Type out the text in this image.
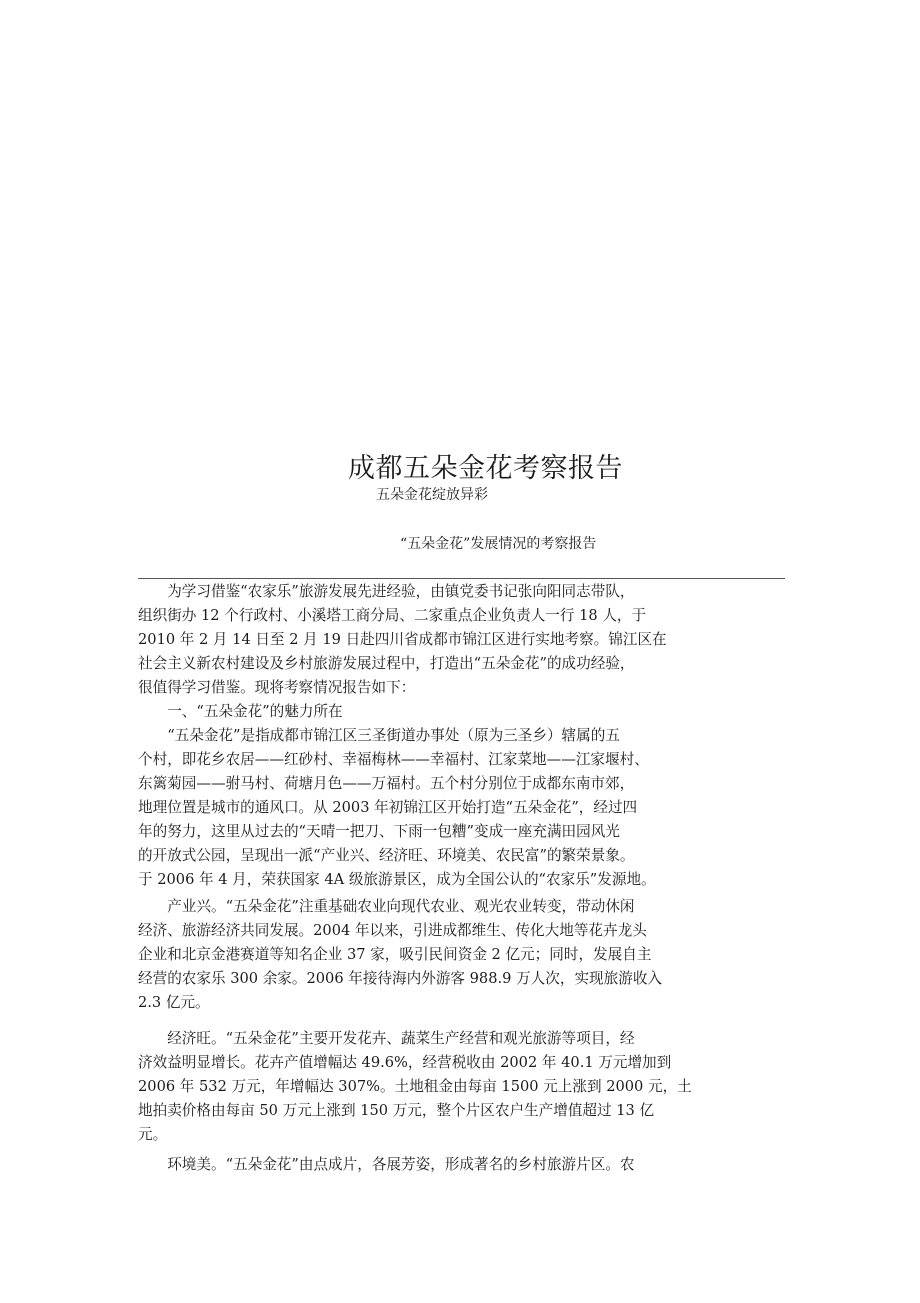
成都五朵金花考察报告
五朵金花绽放异彩
“五朵金花”发展情况的考察报告
　　为学习借鉴“农家乐”旅游发展先进经验，由镇党委书记张向阳同志带队，
组织街办 12 个行政村、小溪塔工商分局、二家重点企业负责人一行 18 人，于
2010 年 2 月 14 日至 2 月 19 日赴四川省成都市锦江区进行实地考察。锦江区在
社会主义新农村建设及乡村旅游发展过程中，打造出“五朵金花”的成功经验，
很值得学习借鉴。现将考察情况报告如下：
　　一、“五朵金花”的魅力所在
　　“五朵金花”是指成都市锦江区三圣街道办事处（原为三圣乡）辖属的五
个村，即花乡农居——红砂村、幸福梅林——幸福村、江家菜地——江家堰村、
东篱菊园——驸马村、荷塘月色——万福村。五个村分别位于成都东南市郊，
地理位置是城市的通风口。从 2003 年初锦江区开始打造“五朵金花”，经过四
年的努力，这里从过去的“天晴一把刀、下雨一包糟”变成一座充满田园风光
的开放式公园，呈现出一派“产业兴、经济旺、环境美、农民富”的繁荣景象。
于 2006 年 4 月，荣获国家 4A 级旅游景区，成为全国公认的“农家乐”发源地。
　　产业兴。“五朵金花”注重基础农业向现代农业、观光农业转变，带动休闲
经济、旅游经济共同发展。2004 年以来，引进成都维生、传化大地等花卉龙头
企业和北京金港赛道等知名企业 37 家，吸引民间资金 2 亿元；同时，发展自主
经营的农家乐 300 余家。2006 年接待海内外游客 988.9 万人次，实现旅游收入
2.3 亿元。
　　经济旺。“五朵金花”主要开发花卉、蔬菜生产经营和观光旅游等项目，经
济效益明显增长。花卉产值增幅达 49.6%，经营税收由 2002 年 40.1 万元增加到
2006 年 532 万元，年增幅达 307%。土地租金由每亩 1500 元上涨到 2000 元，土
地拍卖价格由每亩 50 万元上涨到 150 万元，整个片区农户生产增值超过 13 亿
元。
　　环境美。“五朵金花”由点成片，各展芳姿，形成著名的乡村旅游片区。农
